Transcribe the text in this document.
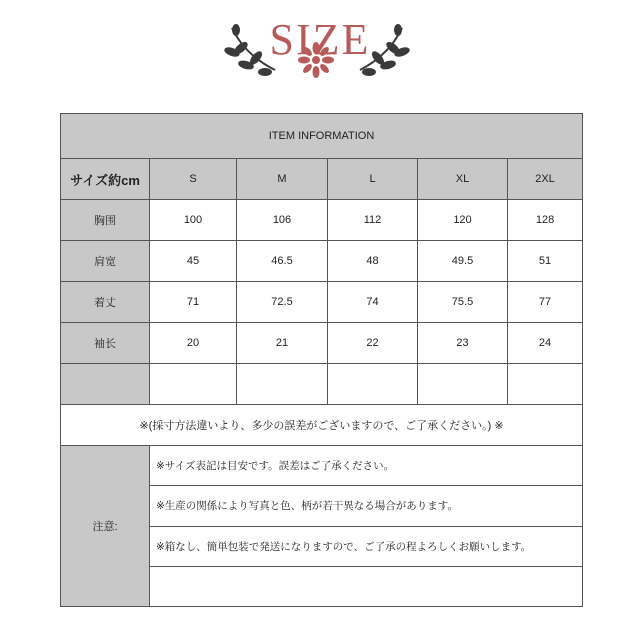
SIZE
ITEM INFORMATION					
サイズ約cm	S	M	L	XL	2XL
胸围	100	106	112	120	128
肩宽	45	46.5	48	49.5	51
着丈	71	72.5	74	75.5	77
袖长	20	21	22	23	24

※(採寸方法違いより、多少の誤差がございますので、ご了承ください。) ※					
注意:	※サイズ表記は目安です。誤差はご了承ください。
※生産の関係により写真と色、柄が若干異なる場合があります。
※箱なし、簡単包装で発送になりますので、ご了承の程よろしくお願いします。				
